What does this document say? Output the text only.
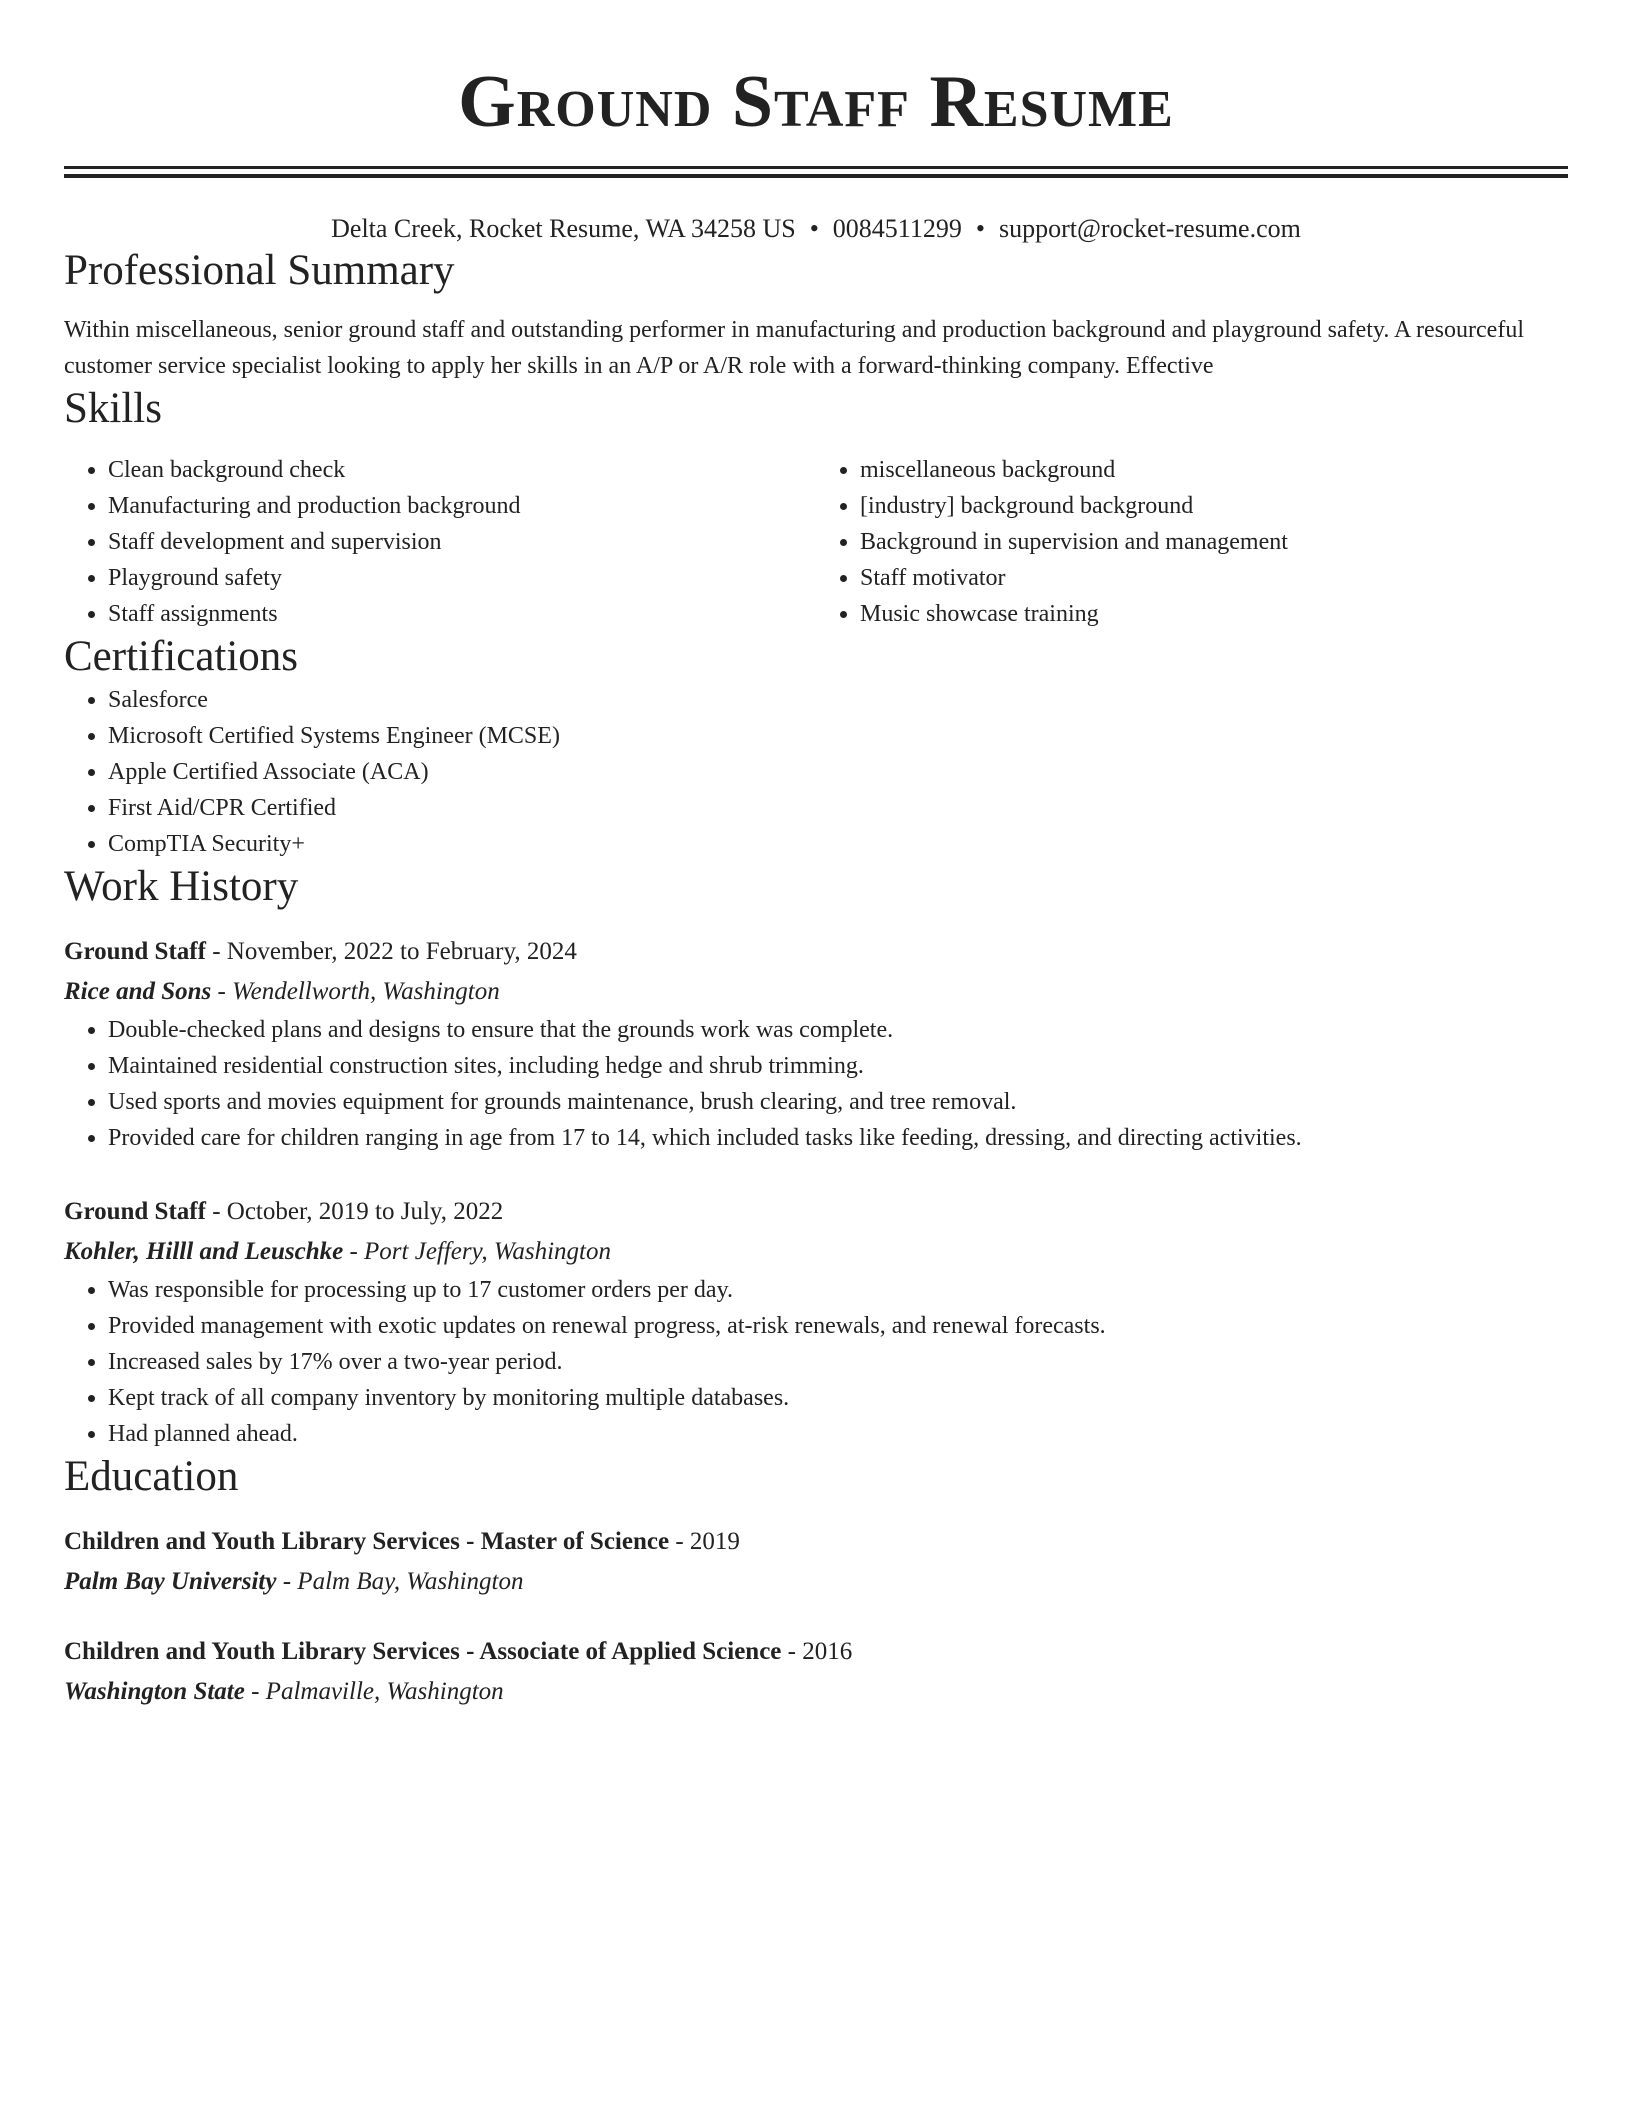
Ground Staff Resume
Delta Creek, Rocket Resume, WA 34258 US • 0084511299 • support@rocket-resume.com
Professional Summary
Within miscellaneous, senior ground staff and outstanding performer in manufacturing and production background and playground safety. A resourceful customer service specialist looking to apply her skills in an A/P or A/R role with a forward-thinking company. Effective
Skills
• Clean background check
• Manufacturing and production background
• Staff development and supervision
• Playground safety
• Staff assignments
• miscellaneous background
• [industry] background background
• Background in supervision and management
• Staff motivator
• Music showcase training
Certifications
• Salesforce
• Microsoft Certified Systems Engineer (MCSE)
• Apple Certified Associate (ACA)
• First Aid/CPR Certified
• CompTIA Security+
Work History
Ground Staff - November, 2022 to February, 2024
Rice and Sons - Wendellworth, Washington
• Double-checked plans and designs to ensure that the grounds work was complete.
• Maintained residential construction sites, including hedge and shrub trimming.
• Used sports and movies equipment for grounds maintenance, brush clearing, and tree removal.
• Provided care for children ranging in age from 17 to 14, which included tasks like feeding, dressing, and directing activities.
Ground Staff - October, 2019 to July, 2022
Kohler, Hilll and Leuschke - Port Jeffery, Washington
• Was responsible for processing up to 17 customer orders per day.
• Provided management with exotic updates on renewal progress, at-risk renewals, and renewal forecasts.
• Increased sales by 17% over a two-year period.
• Kept track of all company inventory by monitoring multiple databases.
• Had planned ahead.
Education
Children and Youth Library Services - Master of Science - 2019
Palm Bay University - Palm Bay, Washington
Children and Youth Library Services - Associate of Applied Science - 2016
Washington State - Palmaville, Washington
